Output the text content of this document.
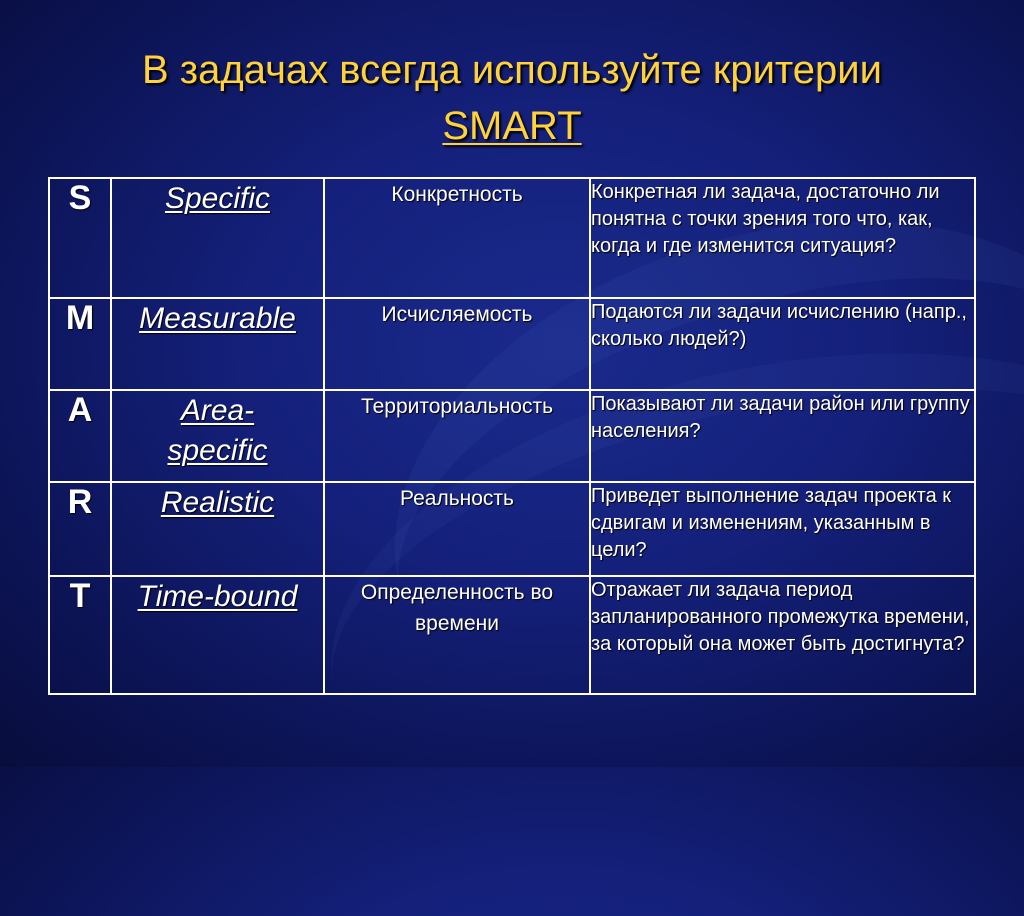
В задачах всегда используйте критерии
SMART
S	Specific	Конкретность	Конкретная ли задача, достаточно ли понятна с точки зрения того что, как, когда и где изменится ситуация?
M	Measurable	Исчисляемость	Подаются ли задачи исчислению (напр., сколько людей?)
A	Area-specific	Территориальность	Показывают ли задачи район или группу населения?
R	Realistic	Реальность	Приведет выполнение задач проекта к сдвигам и изменениям, указанным в цели?
T	Time-bound	Определенность во времени	Отражает ли задача период запланированного промежутка времени, за который она может быть достигнута?
